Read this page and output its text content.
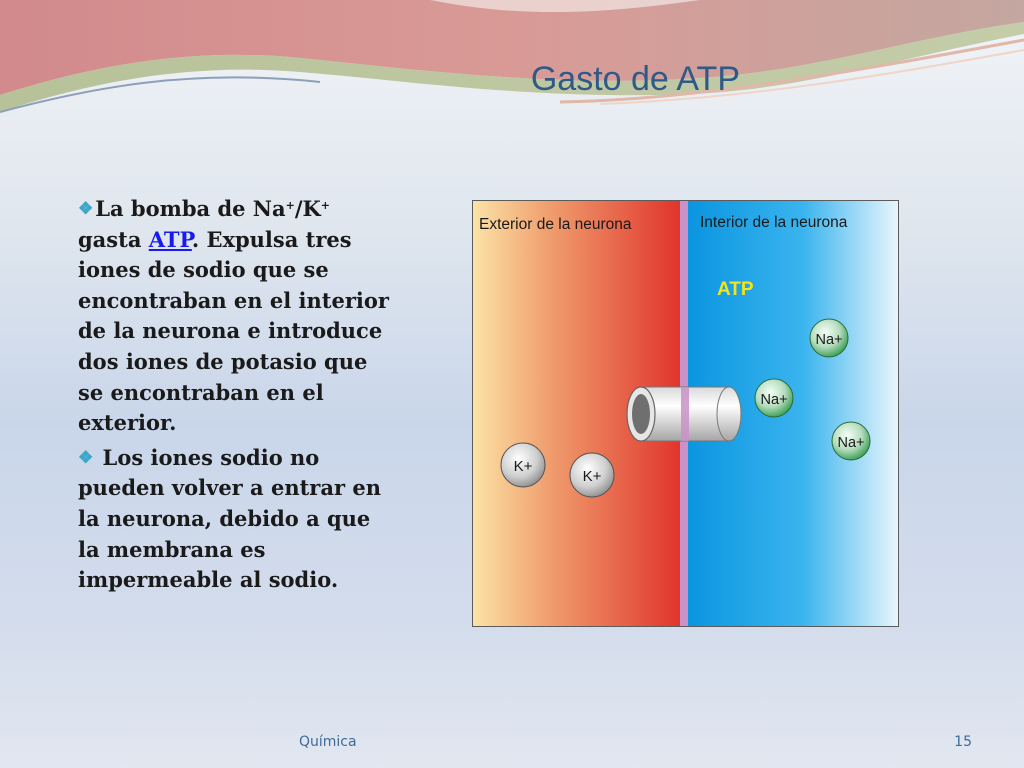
Gasto de ATP

❖La bomba de Na+/K+ gasta ATP. Expulsa tres iones de sodio que se encontraban en el interior de la neurona e introduce dos iones de potasio que se encontraban en el exterior.

❖ Los iones sodio no pueden volver a entrar en la neurona, debido a que la membrana es impermeable al sodio.

Exterior de la neurona	Interior de la neurona
ATP
K+
K+
Na+
Na+
Na+
Química	15
